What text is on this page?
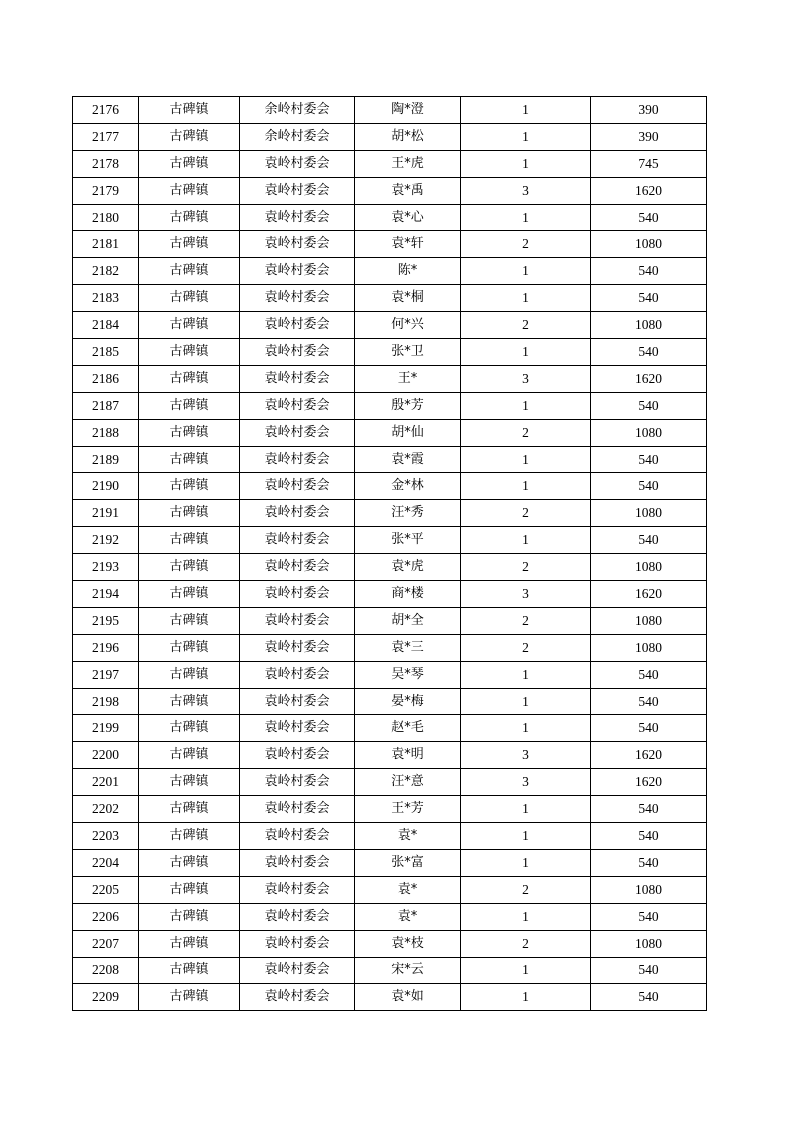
2176	古碑镇	余岭村委会	陶*澄	1	390
2177	古碑镇	余岭村委会	胡*松	1	390
2178	古碑镇	袁岭村委会	王*虎	1	745
2179	古碑镇	袁岭村委会	袁*禹	3	1620
2180	古碑镇	袁岭村委会	袁*心	1	540
2181	古碑镇	袁岭村委会	袁*轩	2	1080
2182	古碑镇	袁岭村委会	陈*	1	540
2183	古碑镇	袁岭村委会	袁*桐	1	540
2184	古碑镇	袁岭村委会	何*兴	2	1080
2185	古碑镇	袁岭村委会	张*卫	1	540
2186	古碑镇	袁岭村委会	王*	3	1620
2187	古碑镇	袁岭村委会	殷*芳	1	540
2188	古碑镇	袁岭村委会	胡*仙	2	1080
2189	古碑镇	袁岭村委会	袁*霞	1	540
2190	古碑镇	袁岭村委会	金*林	1	540
2191	古碑镇	袁岭村委会	汪*秀	2	1080
2192	古碑镇	袁岭村委会	张*平	1	540
2193	古碑镇	袁岭村委会	袁*虎	2	1080
2194	古碑镇	袁岭村委会	商*楼	3	1620
2195	古碑镇	袁岭村委会	胡*全	2	1080
2196	古碑镇	袁岭村委会	袁*三	2	1080
2197	古碑镇	袁岭村委会	吴*琴	1	540
2198	古碑镇	袁岭村委会	晏*梅	1	540
2199	古碑镇	袁岭村委会	赵*毛	1	540
2200	古碑镇	袁岭村委会	袁*明	3	1620
2201	古碑镇	袁岭村委会	汪*意	3	1620
2202	古碑镇	袁岭村委会	王*芳	1	540
2203	古碑镇	袁岭村委会	袁*	1	540
2204	古碑镇	袁岭村委会	张*富	1	540
2205	古碑镇	袁岭村委会	袁*	2	1080
2206	古碑镇	袁岭村委会	袁*	1	540
2207	古碑镇	袁岭村委会	袁*枝	2	1080
2208	古碑镇	袁岭村委会	宋*云	1	540
2209	古碑镇	袁岭村委会	袁*如	1	540
